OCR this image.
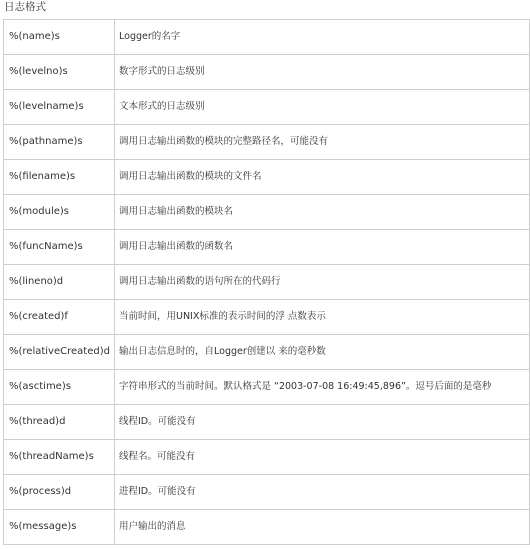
日志格式
%(name)s	Logger的名字
%(levelno)s	数字形式的日志级别
%(levelname)s	文本形式的日志级别
%(pathname)s	调用日志输出函数的模块的完整路径名，可能没有
%(filename)s	调用日志输出函数的模块的文件名
%(module)s	调用日志输出函数的模块名
%(funcName)s	调用日志输出函数的函数名
%(lineno)d	调用日志输出函数的语句所在的代码行
%(created)f	当前时间，用UNIX标准的表示时间的浮 点数表示
%(relativeCreated)d	输出日志信息时的，自Logger创建以 来的毫秒数
%(asctime)s	字符串形式的当前时间。默认格式是 “2003-07-08 16:49:45,896”。逗号后面的是毫秒
%(thread)d	线程ID。可能没有
%(threadName)s	线程名。可能没有
%(process)d	进程ID。可能没有
%(message)s	用户输出的消息
